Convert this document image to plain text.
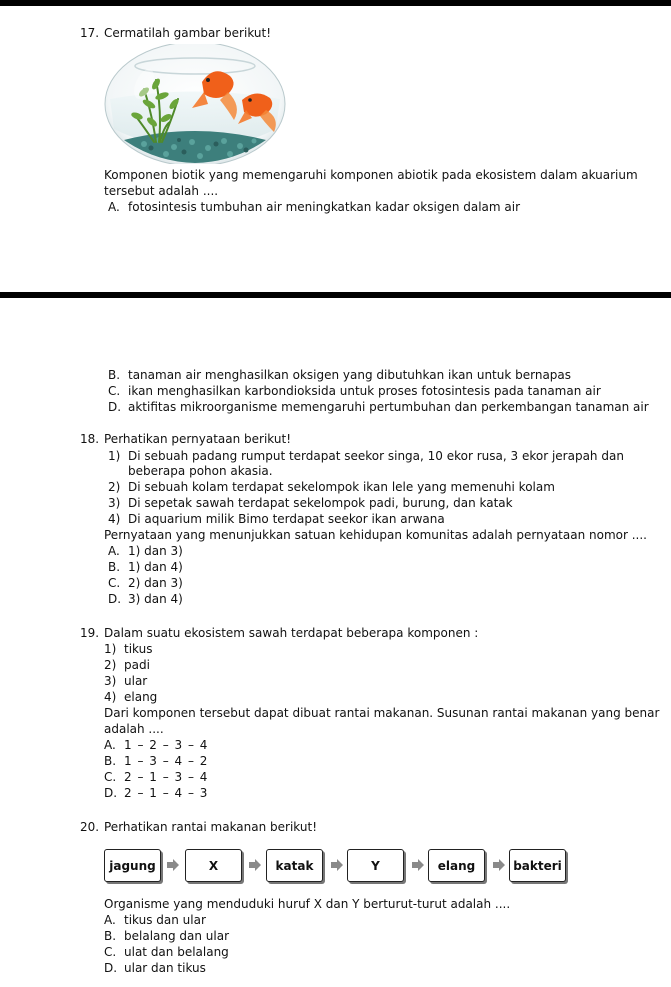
17. Cermatilah gambar berikut!
Komponen biotik yang memengaruhi komponen abiotik pada ekosistem dalam akuarium
tersebut adalah ....
A. fotosintesis tumbuhan air meningkatkan kadar oksigen dalam air
B. tanaman air menghasilkan oksigen yang dibutuhkan ikan untuk bernapas
C. ikan menghasilkan karbondioksida untuk proses fotosintesis pada tanaman air
D. aktifitas mikroorganisme memengaruhi pertumbuhan dan perkembangan tanaman air
18. Perhatikan pernyataan berikut!
1) Di sebuah padang rumput terdapat seekor singa, 10 ekor rusa, 3 ekor jerapah dan
beberapa pohon akasia.
2) Di sebuah kolam terdapat sekelompok ikan lele yang memenuhi kolam
3) Di sepetak sawah terdapat sekelompok padi, burung, dan katak
4) Di aquarium milik Bimo terdapat seekor ikan arwana
Pernyataan yang menunjukkan satuan kehidupan komunitas adalah pernyataan nomor ....
A. 1) dan 3)
B. 1) dan 4)
C. 2) dan 3)
D. 3) dan 4)
19. Dalam suatu ekosistem sawah terdapat beberapa komponen :
1) tikus
2) padi
3) ular
4) elang
Dari komponen tersebut dapat dibuat rantai makanan. Susunan rantai makanan yang benar
adalah ....
A. 1 – 2 – 3 – 4
B. 1 – 3 – 4 – 2
C. 2 – 1 – 3 – 4
D. 2 – 1 – 4 – 3
20. Perhatikan rantai makanan berikut!
jagung	X	katak	Y	elang	bakteri
Organisme yang menduduki huruf X dan Y berturut-turut adalah ....
A. tikus dan ular
B. belalang dan ular
C. ulat dan belalang
D. ular dan tikus
